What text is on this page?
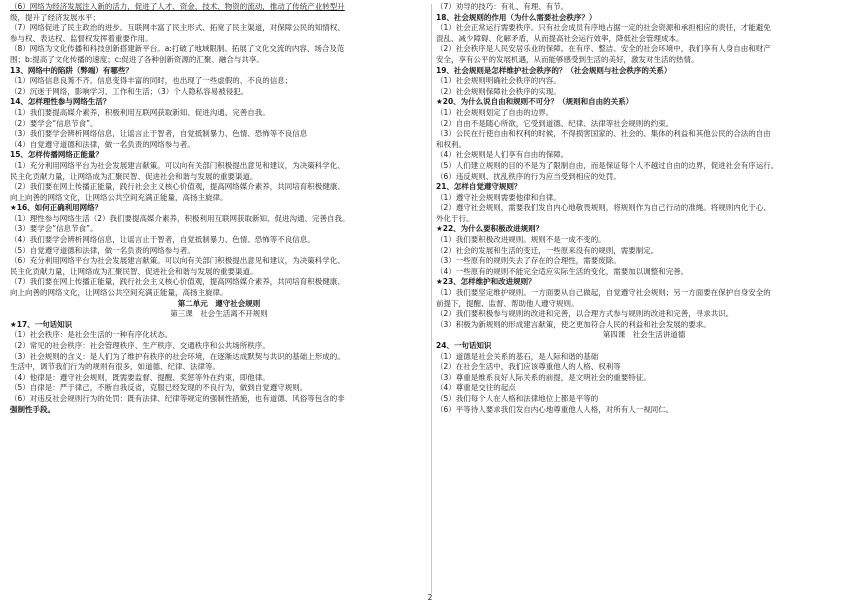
（6）网络为经济发展注入新的活力，促进了人才、资金、技术、物资的流动，推动了传统产业转型升
级，提升了经济发展水平；
（7）网络促进了民主政治的进步。互联网丰富了民主形式、拓宽了民主渠道，对保障公民的知情权、
参与权、表达权、监督权发挥着重要作用。
（8）网络为文化传播和科技创新搭建新平台。a:打破了地域限制、拓展了文化交流的内容、场合及范
围；b:提高了文化传播的速度；c:促进了各种创新资源的汇聚、融合与共享。
13、网络中的陷阱（弊端）有哪些？
（1）网络信息良莠不齐。信息变得丰富的同时，也出现了一些虚假的、不良的信息；
（2）沉迷于网络，影响学习、工作和生活；（3）个人隐私容易被侵犯。
14、怎样理性参与网络生活？
（1）我们要提高媒介素养，积极利用互联网获取新知、促进沟通、完善自我。
（2）要学会“信息节食”。
（3）我们要学会辨析网络信息，让谣言止于智者，自觉抵制暴力、色情、恐怖等不良信息
（4）自觉遵守道德和法律，做一名负责的网络参与者。
15、怎样传播网络正能量？
（1）充分利用网络平台为社会发展建言献策。可以向有关部门积极提出意见和建议，为决策科学化、
民主化贡献力量，让网络成为汇聚民智、促进社会和谐与发展的重要渠道。
（2）我们要在网上传播正能量，践行社会主义核心价值观，提高网络媒介素养，共同培育积极健康、
向上向善的网络文化，让网络公共空间充满正能量，高扬主旋律。
★16、如何正确利用网络？
（1）理性参与网络生活（2）我们要提高媒介素养，积极利用互联网获取新知、促进沟通、完善自我。
（3）要学会“信息节食”。
（4）我们要学会辨析网络信息，让谣言止于智者，自觉抵制暴力、色情、恐怖等不良信息。
（5）自觉遵守道德和法律，做一名负责的网络参与者。
（6）充分利用网络平台为社会发展建言献策。可以向有关部门积极提出意见和建议，为决策科学化、
民主化贡献力量，让网络成为汇聚民智、促进社会和谐与发展的重要渠道。
（7）我们要在网上传播正能量，践行社会主义核心价值观，提高网络媒介素养，共同培育积极健康、
向上向善的网络文化，让网络公共空间充满正能量，高扬主旋律。
第二单元　遵守社会规则
第三课　社会生活离不开规则
★17、一句话知识
（1）社会秩序：是社会生活的一种有序化状态。
（2）常见的社会秩序：社会管理秩序、生产秩序、交通秩序和公共场所秩序。
（3）社会规则的含义：是人们为了维护有秩序的社会环境，在逐渐达成默契与共识的基础上形成的。
生活中，调节我们行为的规则有很多，如道德、纪律、法律等。
（4）他律是：遵守社会规则，既需要监督、提醒、奖惩等外在约束，即他律。
（5）自律是：严于律己，不断自我反省，克服已经发现的不良行为，做到自觉遵守规则。
（6）对违反社会规则行为的处罚：既有法律、纪律等规定的强制性措施，也有道德、风俗等包含的非
强制性手段。
（7）劝导的技巧：有礼、有理、有节。
18、社会规则的作用（为什么需要社会秩序？）
（1）社会正常运行需要秩序。只有社会成员有序地占据一定的社会资源和承担相应的责任，才能避免
混乱、减少障碍、化解矛盾，从而提高社会运行效率，降低社会管理成本。
（2）社会秩序是人民安居乐业的保障。在有序、整洁、安全的社会环境中，我们享有人身自由和财产
安全，享有公平的发展机遇，从而能够感受到生活的美好，激发对生活的热情。
19、社会规则是怎样维护社会秩序的？（社会规则与社会秩序的关系）
（1）社会规则明确社会秩序的内容。
（2）社会规则保障社会秩序的实现。
★20、为什么说自由和规则不可分？（规则和自由的关系）
（1）社会规则划定了自由的边界。
（2）自由不是随心所欲，它受到道德、纪律、法律等社会规则的约束。
（3）公民在行使自由和权利的时候，不得损害国家的、社会的、集体的利益和其他公民的合法的自由
和权利。
（4）社会规则是人们享有自由的保障。
（5）人们建立规则的目的不是为了限制自由，而是保证每个人不越过自由的边界，促进社会有序运行。
（6）违反规则、扰乱秩序的行为应当受到相应的处罚。
21、怎样自觉遵守规则？
（1）遵守社会规则需要他律和自律。
（2）遵守社会规则，需要我们发自内心地敬畏规则，将规则作为自己行动的准绳。将规则内化于心、
外化于行。
★22、为什么要积极改进规则？
（1）我们要积极改进规则。规则不是一成不变的。
（2）社会的发展和生活的变迁，一些原来没有的规则，需要制定。
（3）一些原有的规则失去了存在的合理性，需要废除。
（4）一些原有的规则不能完全适应实际生活的变化，需要加以调整和完善。
★23、怎样维护和改进规则？
（1）我们要坚定维护规则。一方面要从自己做起，自觉遵守社会规则；另一方面要在保护自身安全的
前提下，提醒、监督、帮助他人遵守规则。
（2）我们要积极参与规则的改进和完善，以合理方式参与规则的改进和完善，寻求共识。
（3）积极为新规则的形成建言献策，使之更加符合人民的利益和社会发展的要求。
第四课　社会生活讲道德
24、一句话知识
（1）道德是社会关系的基石，是人际和谐的基础
（2）在社会生活中，我们应该尊重他人的人格、权利等
（3）尊重是维系良好人际关系的前提，是文明社会的重要特征。
（4）尊重是交往的起点
（5）我们每个人在人格和法律地位上都是平等的
（6）平等待人要求我们发自内心地尊重他人人格，对所有人一视同仁。
2
